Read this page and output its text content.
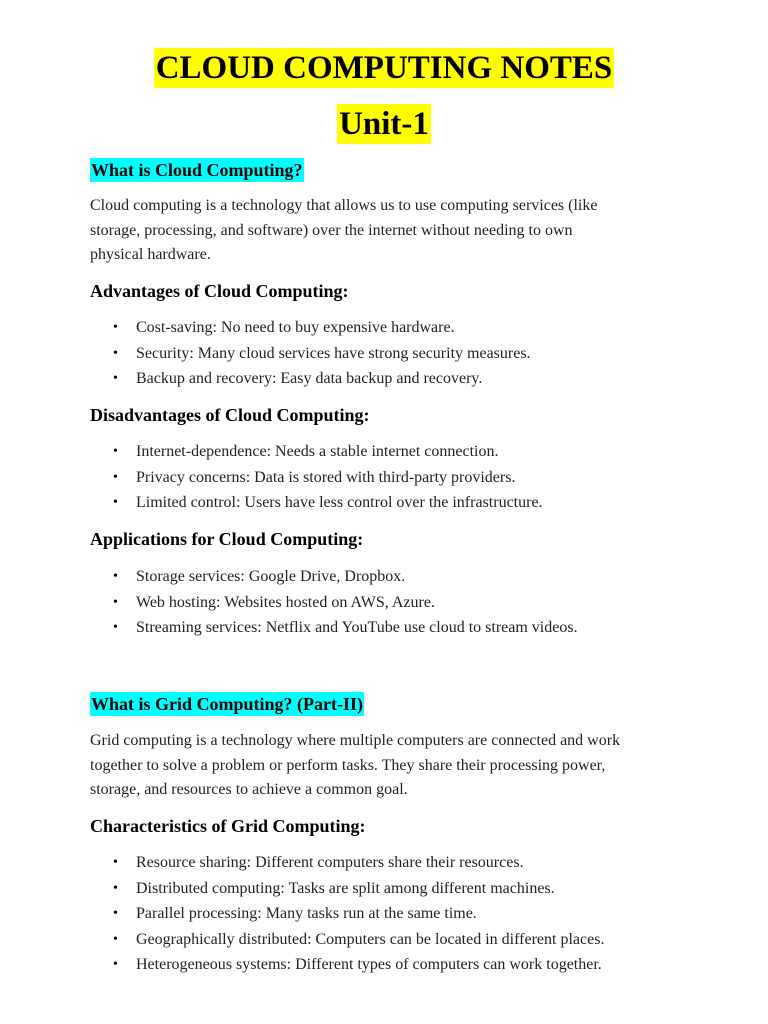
CLOUD COMPUTING NOTES
Unit-1
What is Cloud Computing?
Cloud computing is a technology that allows us to use computing services (like
storage, processing, and software) over the internet without needing to own
physical hardware.
Advantages of Cloud Computing:
• Cost-saving: No need to buy expensive hardware.
• Security: Many cloud services have strong security measures.
• Backup and recovery: Easy data backup and recovery.
Disadvantages of Cloud Computing:
• Internet-dependence: Needs a stable internet connection.
• Privacy concerns: Data is stored with third-party providers.
• Limited control: Users have less control over the infrastructure.
Applications for Cloud Computing:
• Storage services: Google Drive, Dropbox.
• Web hosting: Websites hosted on AWS, Azure.
• Streaming services: Netflix and YouTube use cloud to stream videos.
What is Grid Computing? (Part-II)
Grid computing is a technology where multiple computers are connected and work
together to solve a problem or perform tasks. They share their processing power,
storage, and resources to achieve a common goal.
Characteristics of Grid Computing:
• Resource sharing: Different computers share their resources.
• Distributed computing: Tasks are split among different machines.
• Parallel processing: Many tasks run at the same time.
• Geographically distributed: Computers can be located in different places.
• Heterogeneous systems: Different types of computers can work together.
